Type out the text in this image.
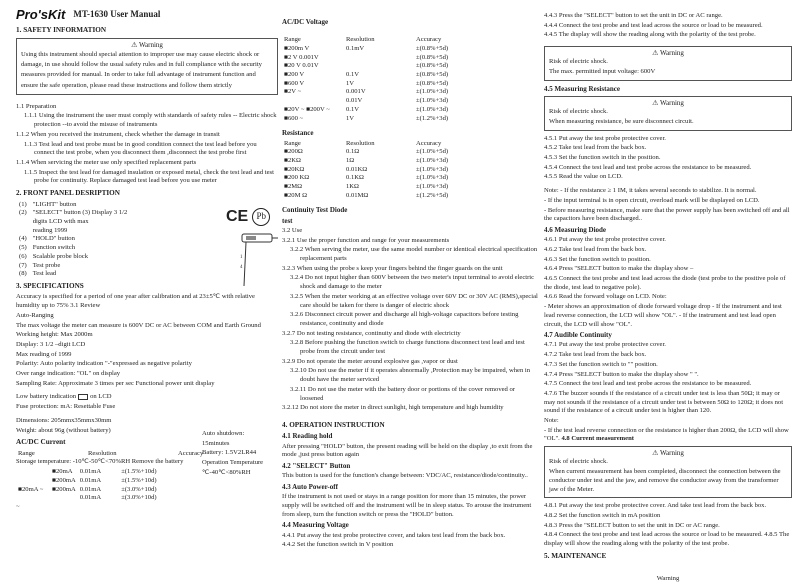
Pro'sKit MT-1630 User Manual
1. SAFETY INFORMATION
⚠ Warning

Using this instrument should special attention to improper use may cause electric shock or damage, in use should follow the usual safety rules and in full compliance with the security measures provided for manual. In order to take full advantage of instrument function and ensure the safe operation, please read these instructions and follow them strictly

1.1 Preparation

1.1.1 Using the instrument the user must comply with standards of safety rules -- Electric shock protection --to avoid the misuse of instruments

1.1.2 When you received the instrument, check whether the damage in transit

1.1.3 Test lead and test probe must be in good condition connect the test lead before you connect the test probe, when you disconnect them ,disconnect the test probe first

1.1.4 When servicing the meter use only specified replacement parts

1.1.5 Inspect the test lead for damaged insulation or exposed metal, check the test lead and test probe for continuity. Replace damaged test lead before you use meter

2. FRONT PANEL DESRIPTION
(1)	"LIGHT" button
(2)	"SELECT" button (3) Display 3 1/2
	digits LCD with max
	reading 1999
(4)	"HOLD" button
(5)	Function switch
(6)	Scalable probe block
(7)	Test probe
(8)	Test lead
3. SPECIFICATIONS

Accuracy is specified for a period of one year after calibration and at 23±5℃ with relative humidity up to 75% 3.1 Review

Auto-Ranging

The max voltage the meter can measure is 600V DC or AC between COM and Earth Ground

Working height: Max 2000m

Display: 3 1/2 –digit LCD

Max reading of 1999

Polarity: Auto polarity indication "-"expressed as negative polarity

Over range indication: "OL" on display

Sampling Rate: Approximate 3 times per sec Functional power unit display

Low battery indication on LCD

Fuse protection: mA: Resettable Fuse

Dimensions: 205mmx35mmx30mm

Weight: about 96g (without battery)

AC/DC Current
Range	Resolution	Accuracy

Storage temperature: -10℃-50℃<70%RH Remove the battery

	■20mA	0.01mA	±(1.5%+10d)
	■200mA	0.01mA	±(1.5%+10d)
■20mA ~	■200mA	0.01mA	±(3.0%+10d)
		0.01mA	±(3.0%+10d)

~

CE Pb
1
4

Auto shutdown:

15minutes

Battery: 1.5V2LR44

Operation Temperature

℃-40℃<80%RH

AC/DC Voltage
Range	Resolution	Accuracy
■200m V	0.1mV	±(0.8%+5d)
■2 V 0.001V		±(0.8%+5d)
■20 V 0.01V		±(0.8%+5d)
■200 V	0.1V	±(0.8%+5d)
■600 V	1V	±(0.8%+5d)
■2V ~	0.001V	±(1.0%+3d)
	0.01V	±(1.0%+3d)
■20V ~ ■200V ~	0.1V	±(1.0%+3d)
■600 ~	1V	±(1.2%+3d)
Resistance
Range	Resolution	Accuracy
■200Ω	0.1Ω	±(1.0%+5d)
■2KΩ	1Ω	±(1.0%+3d)
■20KΩ	0.01KΩ	±(1.0%+3d)
■200 KΩ	0.1KΩ	±(1.0%+3d)
■2MΩ	1KΩ	±(1.0%+3d)
■20M Ω	0.01MΩ	±(1.2%+5d)
Continuity Test Diode
test

3.2 Use

3.2.1 Use the proper function and range for your measurements

3.2.2 When serving the meter, use the same model number or identical electrical specification replacement parts

3.2.3 When using the probe s keep your fingers behind the finger guards on the unit

3.2.4 Do not input higher than 600V between the two meter's input terminal to avoid electric shock and damage to the meter

3.2.5 When the meter working at an effective voltage over 60V DC or 30V AC (RMS),special care should be taken for there is danger of electric shock

3.2.6 Disconnect circuit power and discharge all high-voltage capacitors before testing resistance, continuity and diode

3.2.7 Do not testing resistance, continuity and diode with electricity

3.2.8 Before pushing the function switch to charge functions disconnect test lead and test probe from the circuit under test

3.2.9 Do not operate the meter around explosive gas ,vapor or dust

3.2.10 Do not use the meter if it operates abnormally ,Protection may be impaired, when in doubt have the meter serviced

3.2.11 Do not use the meter with the battery door or portions of the cover removed or loosened

3.2.12 Do not store the meter in direct sunlight, high temperature and high humidity

4. OPERATION INSTRUCTION
4.1 Reading hold

After pressing "HOLD" button, the present reading will be held on the display ,to exit from the mode ,just press button again

4.2 "SELECT" Button

This button is used for the function's change between: VDC/AC, resistance/diode/continuity..

4.3 Auto Power-off

If the instrument is not used or stays in a range position for more than 15 minutes, the power supply will be switched off and the instrument will be in sleep status. To arouse the instrument from sleep, turn the function switch or press the "HOLD" button.

4.4 Measuring Voltage

4.4.1 Put away the test probe protective cover, and takes test lead from the back box.

4.4.2 Set the function switch in V position

4.4.3 Press the "SELECT" button to set the unit in DC or AC range.

4.4.4 Connect the test probe and test lead across the source or load to be measured.

4.4.5 The display will show the reading along with the polarity of the test probe.

⚠ Warning

Risk of electric shock.

The max. permitted input voltage: 600V

4.5 Measuring Resistance
⚠ Warning

Risk of electric shock.

When measuring resistance, be sure disconnect circuit.

4.5.1 Put away the test probe protective cover.

4.5.2 Take test lead from the back box.

4.5.3 Set the function switch in the position.

4.5.4 Connect the test lead and test probe across the resistance to be measured.

4.5.5 Read the value on LCD.

Note: - If the resistance ≥ 1 IM, it takes several seconds to stabilize. It is normal.

- If the input terminal is in open circuit, overload mark will be displayed on LCD.

- Before measuring resistance, make sure that the power supply has been switched off and all the capacitors have been discharged..

4.6 Measuring Diode

4.6.1 Put away the test probe protective cover.

4.6.2 Take test lead from the back box.

4.6.3 Set the function switch to position.

4.6.4 Press "SELECT button to make the display show –

4.6.5 Connect the test probe and test lead across the diode (test probe to the positive pole of the diode, test lead to negative pole).

4.6.6 Read the forward voltage on LCD. Note:

- Meter shows an approximation of diode forward voltage drop - If the instrument and test lead reverse connection, the LCD will show "OL". - If the instrument and test lead open circuit, the LCD will show "OL".

4.7 Audible Continuity

4.7.1 Put away the test probe protective cover.

4.7.2 Take test lead from the back box.

4.7.3 Set the function switch to "" position.

4.7.4 Press "SELECT button to make the display show " ".

4.7.5 Connect the test lead and test probe across the resistance to be measured.

4.7.6 The buzzer sounds if the resistance of a circuit under test is less than 50Ω; it may or may not sounds if the resistance of a circuit under test is between 50Ω to 120Ω; it does not sound if the resistance of a circuit under test is higher than 120.

Note:

- If the test lead reverse connection or the resistance is higher than 200Ω, the LCD will show "OL". 4.8 Current measurement

⚠ Warning

Risk of electric shock.

When current measurement has been completed, disconnect the connection between the conductor under test and the jaw, and remove the conductor away from the transformer jaw of the Meter.

4.8.1 Put away the test probe protective cover. And take test lead from the back box.

4.8.2 Set the function switch in mA position

4.8.3 Press the "SELECT button to set the unit in DC or AC range.

4.8.4 Connect the test probe and test lead across the source or load to be measured. 4.8.5 The display will show the reading along with the polarity of the test probe.

5. MAINTENANCE

Warning
